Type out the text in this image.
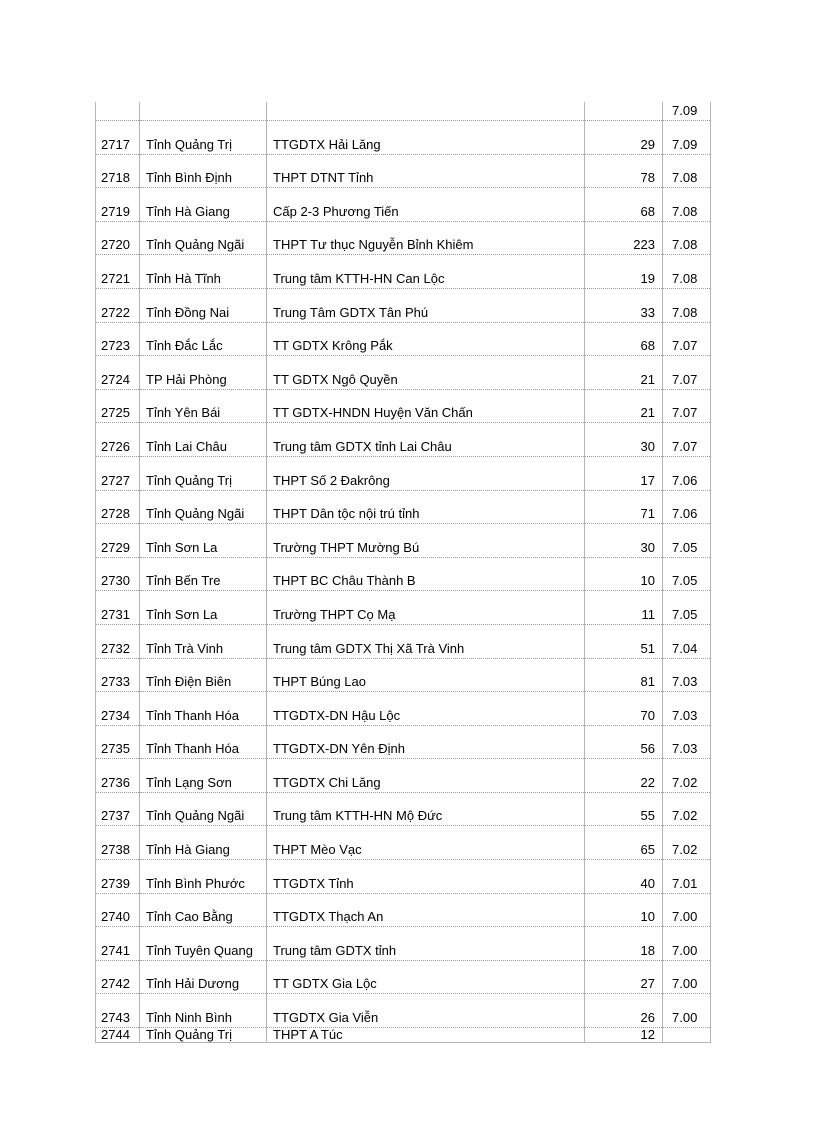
				7.09
2717	Tỉnh Quảng Trị	TTGDTX Hải Lăng	29	7.09
2718	Tỉnh Bình Định	THPT DTNT Tỉnh	78	7.08
2719	Tỉnh Hà Giang	Cấp 2-3 Phương Tiến	68	7.08
2720	Tỉnh Quảng Ngãi	THPT Tư thục Nguyễn Bỉnh Khiêm	223	7.08
2721	Tỉnh Hà Tĩnh	Trung tâm KTTH-HN Can Lộc	19	7.08
2722	Tỉnh Đồng Nai	Trung Tâm GDTX Tân Phú	33	7.08
2723	Tỉnh Đắc Lắc	TT GDTX Krông Pắk	68	7.07
2724	TP Hải Phòng	TT GDTX Ngô Quyền	21	7.07
2725	Tỉnh Yên Bái	TT GDTX-HNDN Huyện Văn Chấn	21	7.07
2726	Tỉnh Lai Châu	Trung tâm GDTX tỉnh Lai Châu	30	7.07
2727	Tỉnh Quảng Trị	THPT Số 2 Đakrông	17	7.06
2728	Tỉnh Quảng Ngãi	THPT Dân tộc nội trú tỉnh	71	7.06
2729	Tỉnh Sơn La	Trường THPT Mường Bú	30	7.05
2730	Tỉnh Bến Tre	THPT BC Châu Thành B	10	7.05
2731	Tỉnh Sơn La	Trường THPT Cọ Mạ	11	7.05
2732	Tỉnh Trà Vinh	Trung tâm GDTX Thị Xã Trà Vinh	51	7.04
2733	Tỉnh Điện Biên	THPT Búng Lao	81	7.03
2734	Tỉnh Thanh Hóa	TTGDTX-DN Hậu Lộc	70	7.03
2735	Tỉnh Thanh Hóa	TTGDTX-DN Yên Định	56	7.03
2736	Tỉnh Lạng Sơn	TTGDTX Chi Lăng	22	7.02
2737	Tỉnh Quảng Ngãi	Trung tâm KTTH-HN Mộ Đức	55	7.02
2738	Tỉnh Hà Giang	THPT Mèo Vạc	65	7.02
2739	Tỉnh Bình Phước	TTGDTX Tỉnh	40	7.01
2740	Tỉnh Cao Bằng	TTGDTX Thạch An	10	7.00
2741	Tỉnh Tuyên Quang	Trung tâm GDTX tỉnh	18	7.00
2742	Tỉnh Hải Dương	TT GDTX Gia Lộc	27	7.00
2743	Tỉnh Ninh Bình	TTGDTX Gia Viễn	26	7.00
2744	Tỉnh Quảng Trị	THPT A Túc	12	
